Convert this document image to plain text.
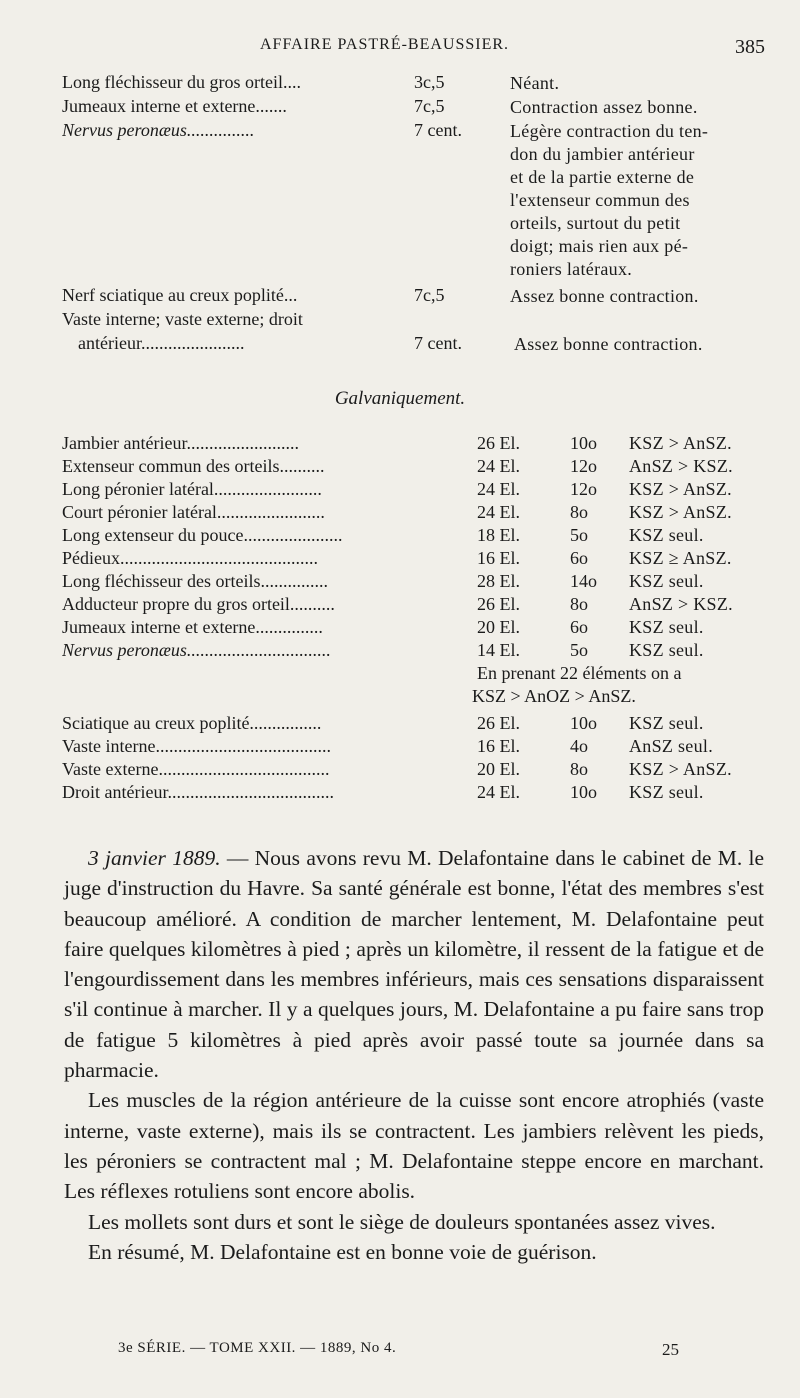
AFFAIRE PASTRÉ-BEAUSSIER.	385
Long fléchisseur du gros orteil....	3c,5	Néant.
Jumeaux interne et externe.......	7c,5	Contraction assez bonne.
Nervus peronæus...............	7 cent.	Légère contraction du ten-
don du jambier antérieur
et de la partie externe de
l'extenseur commun des
orteils, surtout du petit
doigt; mais rien aux pé-
roniers latéraux.
Nerf sciatique au creux poplité...	7c,5	Assez bonne contraction.
Vaste interne; vaste externe; droit
antérieur.......................	7 cent.	Assez bonne contraction.
Galvaniquement.
Jambier antérieur.........................	26 El.	10o KSZ > AnSZ.
Extenseur commun des orteils..........	24 El.	12o AnSZ > KSZ.
Long péronier latéral........................	24 El.	12o KSZ > AnSZ.
Court péronier latéral........................	24 El.	8o KSZ > AnSZ.
Long extenseur du pouce......................	18 El.	5o KSZ seul.
Pédieux............................................	16 El.	6o KSZ ≥ AnSZ.
Long fléchisseur des orteils...............	28 El.	14o KSZ seul.
Adducteur propre du gros orteil..........	26 El.	8o AnSZ > KSZ.
Jumeaux interne et externe...............	20 El.	6o KSZ seul.
Nervus peronæus................................	14 El.	5o KSZ seul.
En prenant 22 éléments on a
KSZ > AnOZ > AnSZ.
Sciatique au creux poplité................	26 El.	10o KSZ seul.
Vaste interne.......................................	16 El.	4o AnSZ seul.
Vaste externe......................................	20 El.	8o KSZ > AnSZ.
Droit antérieur.....................................	24 El.	10o KSZ seul.

3 janvier 1889. — Nous avons revu M. Delafontaine dans le cabinet de M. le juge d'instruction du Havre. Sa santé générale est bonne, l'état des membres s'est beaucoup amélioré. A condition de marcher lentement, M. Delafontaine peut faire quelques kilomètres à pied ; après un kilomètre, il ressent de la fatigue et de l'engourdissement dans les membres inférieurs, mais ces sensations disparaissent s'il continue à marcher. Il y a quelques jours, M. Delafontaine a pu faire sans trop de fatigue 5 kilomètres à pied après avoir passé toute sa journée dans sa pharmacie.

Les muscles de la région antérieure de la cuisse sont encore atrophiés (vaste interne, vaste externe), mais ils se contractent. Les jambiers relèvent les pieds, les péroniers se contractent mal ; M. Delafontaine steppe encore en marchant. Les réflexes rotuliens sont encore abolis.

Les mollets sont durs et sont le siège de douleurs spontanées assez vives.

En résumé, M. Delafontaine est en bonne voie de guérison.

3e SÉRIE. — TOME XXII. — 1889, No 4.	25
